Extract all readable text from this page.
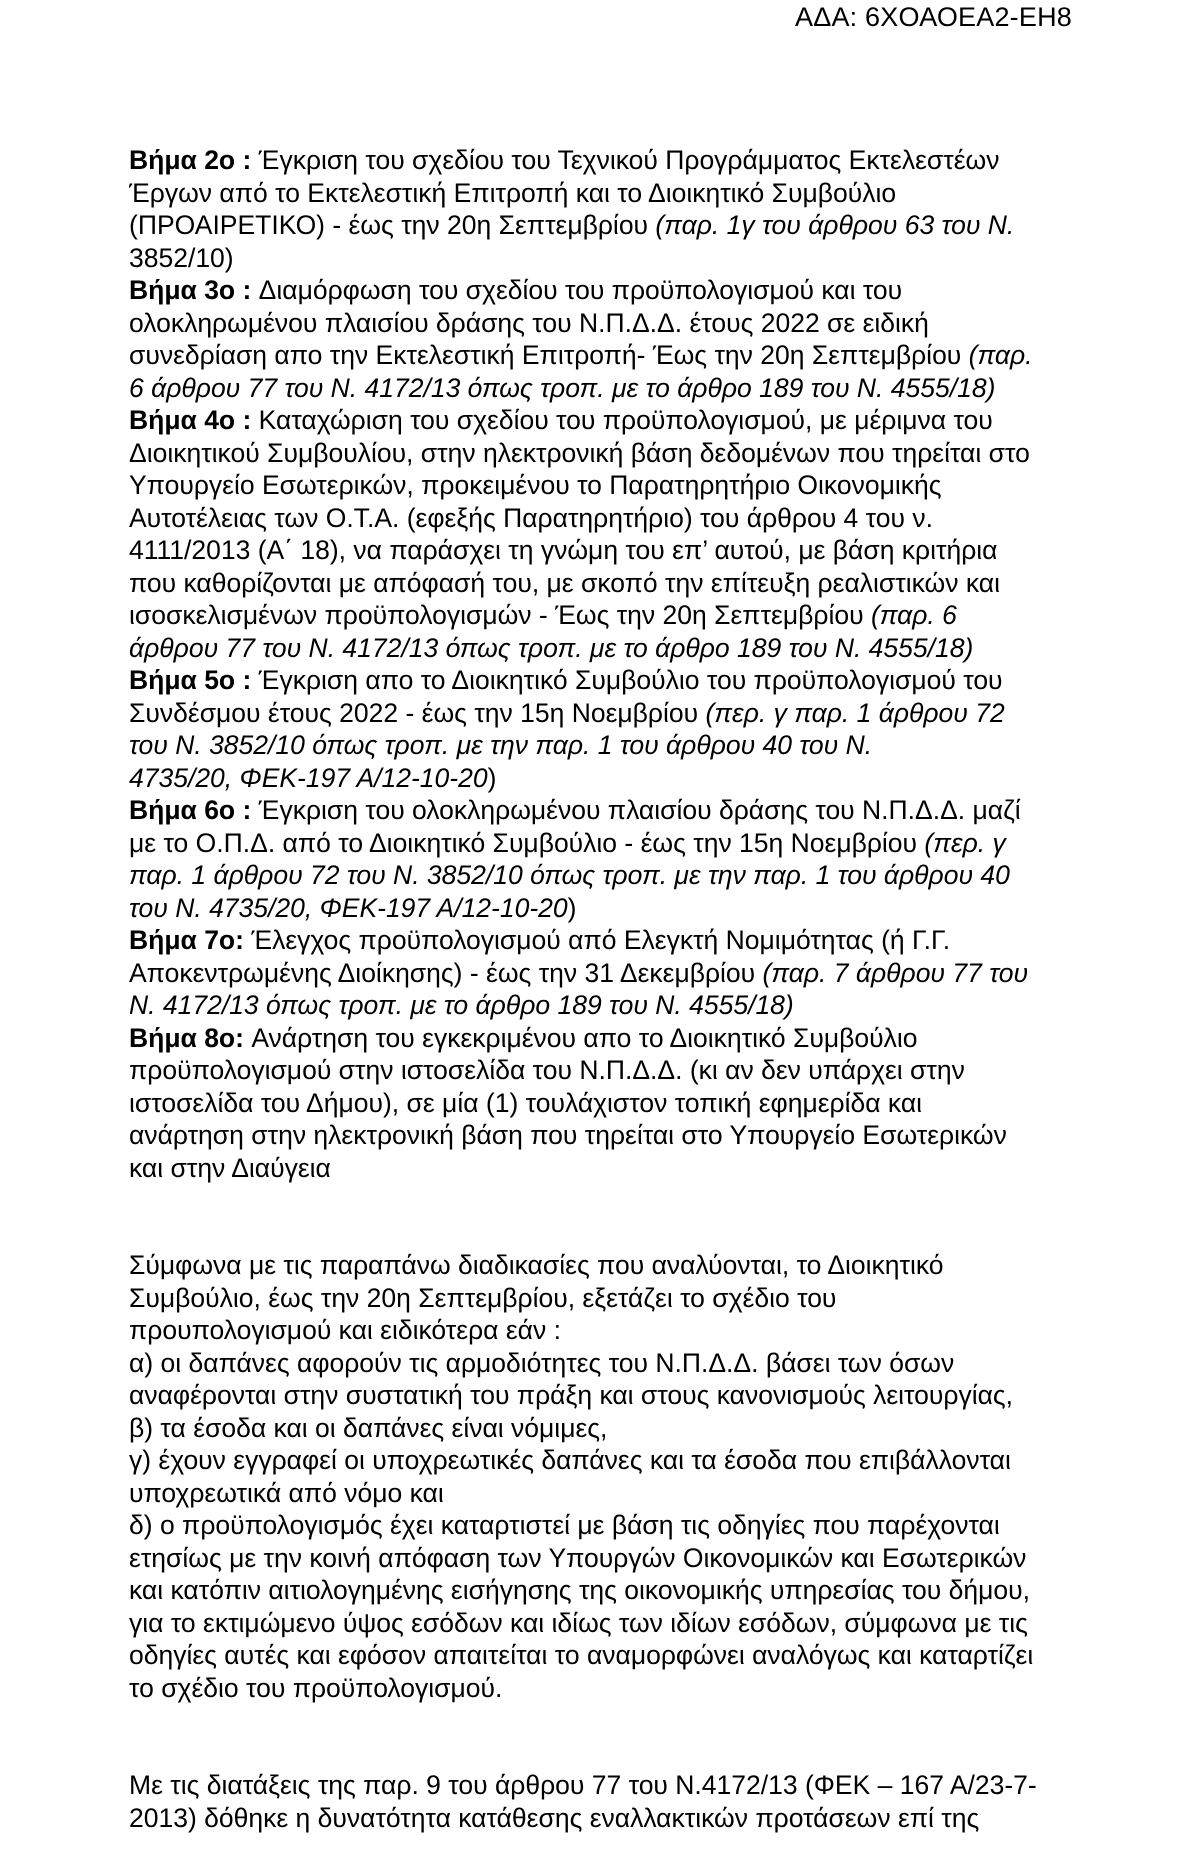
ΑΔΑ: 6ΧΟΑΟΕΑ2-ΕΗ8
Βήμα 2ο : Έγκριση του σχεδίου του Τεχνικού Προγράμματος Εκτελεστέων
Έργων από το Εκτελεστική Επιτροπή και το Διοικητικό Συμβούλιο
(ΠΡΟΑΙΡΕΤΙΚΟ) - έως την 20η Σεπτεμβρίου (παρ. 1γ του άρθρου 63 του Ν.
3852/10)
Βήμα 3ο : Διαμόρφωση του σχεδίου του προϋπολογισμού και του
ολοκληρωμένου πλαισίου δράσης του Ν.Π.Δ.Δ. έτους 2022 σε ειδική
συνεδρίαση απο την Εκτελεστική Επιτροπή- Έως την 20η Σεπτεμβρίου (παρ.
6 άρθρου 77 του Ν. 4172/13 όπως τροπ. με το άρθρο 189 του Ν. 4555/18)
Βήμα 4ο : Καταχώριση του σχεδίου του προϋπολογισμού, με μέριμνα του
Διοικητικού Συμβουλίου, στην ηλεκτρονική βάση δεδομένων που τηρείται στο
Υπουργείο Εσωτερικών, προκειμένου το Παρατηρητήριο Οικονομικής
Αυτοτέλειας των Ο.Τ.Α. (εφεξής Παρατηρητήριο) του άρθρου 4 του ν.
4111/2013 (Α΄ 18), να παράσχει τη γνώμη του επ’ αυτού, με βάση κριτήρια
που καθορίζονται με απόφασή του, με σκοπό την επίτευξη ρεαλιστικών και
ισοσκελισμένων προϋπολογισμών - Έως την 20η Σεπτεμβρίου (παρ. 6
άρθρου 77 του Ν. 4172/13 όπως τροπ. με το άρθρο 189 του Ν. 4555/18)
Βήμα 5ο : Έγκριση απο το Διοικητικό Συμβούλιο του προϋπολογισμού του
Συνδέσμου έτους 2022 - έως την 15η Νοεμβρίου (περ. γ παρ. 1 άρθρου 72
του Ν. 3852/10 όπως τροπ. με την παρ. 1 του άρθρου 40 του Ν.
4735/20, ΦΕΚ-197 Α/12-10-20)
Βήμα 6ο : Έγκριση του ολοκληρωμένου πλαισίου δράσης του Ν.Π.Δ.Δ. μαζί
με το Ο.Π.Δ. από το Διοικητικό Συμβούλιο - έως την 15η Νοεμβρίου (περ. γ
παρ. 1 άρθρου 72 του Ν. 3852/10 όπως τροπ. με την παρ. 1 του άρθρου 40
του Ν. 4735/20, ΦΕΚ-197 Α/12-10-20)
Βήμα 7ο: Έλεγχος προϋπολογισμού από Ελεγκτή Νομιμότητας (ή Γ.Γ.
Αποκεντρωμένης Διοίκησης) - έως την 31 Δεκεμβρίου (παρ. 7 άρθρου 77 του
Ν. 4172/13 όπως τροπ. με το άρθρο 189 του Ν. 4555/18)
Βήμα 8ο: Ανάρτηση του εγκεκριμένου απο το Διοικητικό Συμβούλιο
προϋπολογισμού στην ιστοσελίδα του Ν.Π.Δ.Δ. (κι αν δεν υπάρχει στην
ιστοσελίδα του Δήμου), σε μία (1) τουλάχιστον τοπική εφημερίδα και
ανάρτηση στην ηλεκτρονική βάση που τηρείται στο Υπουργείο Εσωτερικών
και στην Διαύγεια
Σύμφωνα με τις παραπάνω διαδικασίες που αναλύονται, το Διοικητικό
Συμβούλιο, έως την 20η Σεπτεμβρίου, εξετάζει το σχέδιο του
προυπολογισμού και ειδικότερα εάν :
α) οι δαπάνες αφορούν τις αρμοδιότητες του Ν.Π.Δ.Δ. βάσει των όσων
αναφέρονται στην συστατική του πράξη και στους κανονισμούς λειτουργίας,
β) τα έσοδα και οι δαπάνες είναι νόμιμες,
γ) έχουν εγγραφεί οι υποχρεωτικές δαπάνες και τα έσοδα που επιβάλλονται
υποχρεωτικά από νόμο και
δ) ο προϋπολογισμός έχει καταρτιστεί με βάση τις οδηγίες που παρέχονται
ετησίως με την κοινή απόφαση των Υπουργών Οικονομικών και Εσωτερικών
και κατόπιν αιτιολογημένης εισήγησης της οικονομικής υπηρεσίας του δήμου,
για το εκτιμώμενο ύψος εσόδων και ιδίως των ιδίων εσόδων, σύμφωνα με τις
οδηγίες αυτές και εφόσον απαιτείται το αναμορφώνει αναλόγως και καταρτίζει
το σχέδιο του προϋπολογισμού.
Με τις διατάξεις της παρ. 9 του άρθρου 77 του Ν.4172/13 (ΦΕΚ – 167 Α/23-7-
2013) δόθηκε η δυνατότητα κατάθεσης εναλλακτικών προτάσεων επί της
